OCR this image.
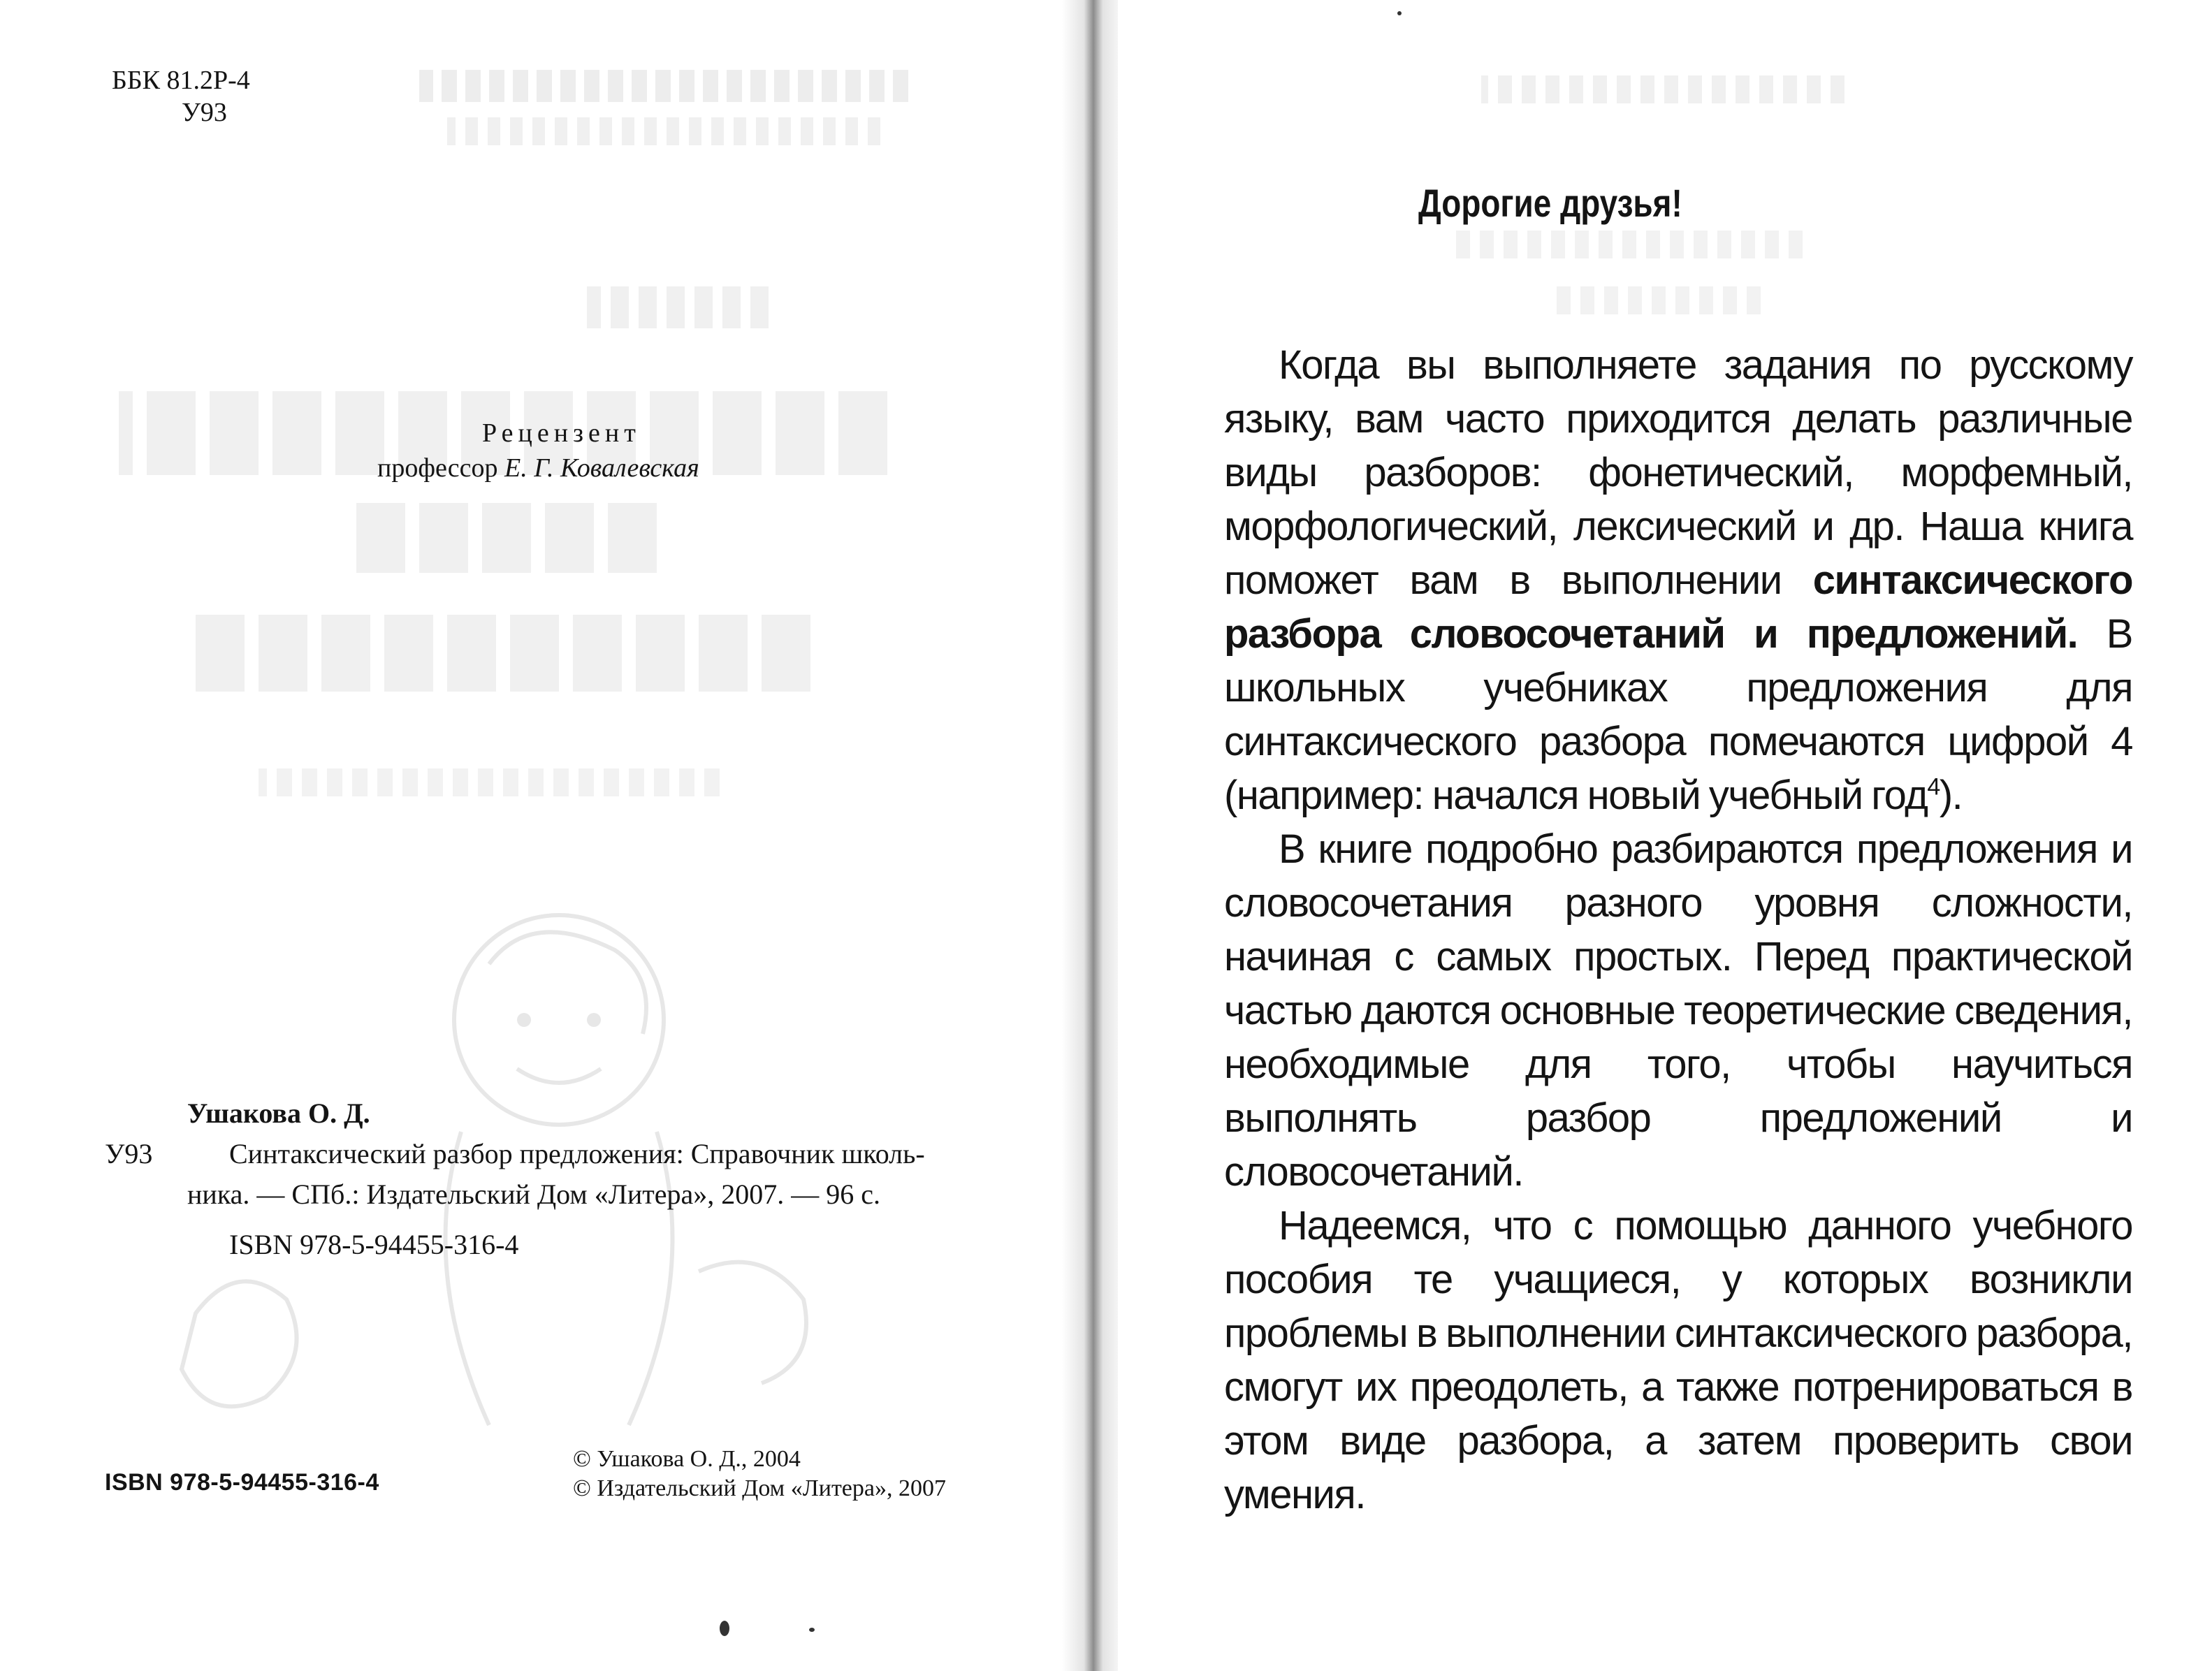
ББК 81.2Р-4
У93
Рецензент
профессор Е. Г. Ковалевская
Ушакова О. Д.
У93	Синтаксический разбор предложения: Справочник школь-
ника. — СПб.: Издательский Дом «Литера», 2007. — 96 с.
ISBN 978-5-94455-316-4
ISBN 978-5-94455-316-4
© Ушакова О. Д., 2004
© Издательский Дом «Литера», 2007
Дорогие друзья!

Когда вы выполняете задания по русскому языку, вам часто приходится делать различные виды разборов: фонетический, морфемный, морфологический, лексический и др. Наша книга поможет вам в выполнении синтаксического разбора словосочетаний и предложений. В школьных учебниках предложения для синтаксического разбора помечаются цифрой 4 (например: начался новый учебный год$^4$).

В книге подробно разбираются предложения и словосочетания разного уровня сложности, начиная с самых простых. Перед практической частью даются основные теоретические сведения, необходимые для того, чтобы научиться выполнять разбор предложений и словосочетаний.

Надеемся, что с помощью данного учебного пособия те учащиеся, у которых возникли проблемы в выполнении синтаксического разбора, смогут их преодолеть, а также потренироваться в этом виде разбора, а затем проверить свои умения.
